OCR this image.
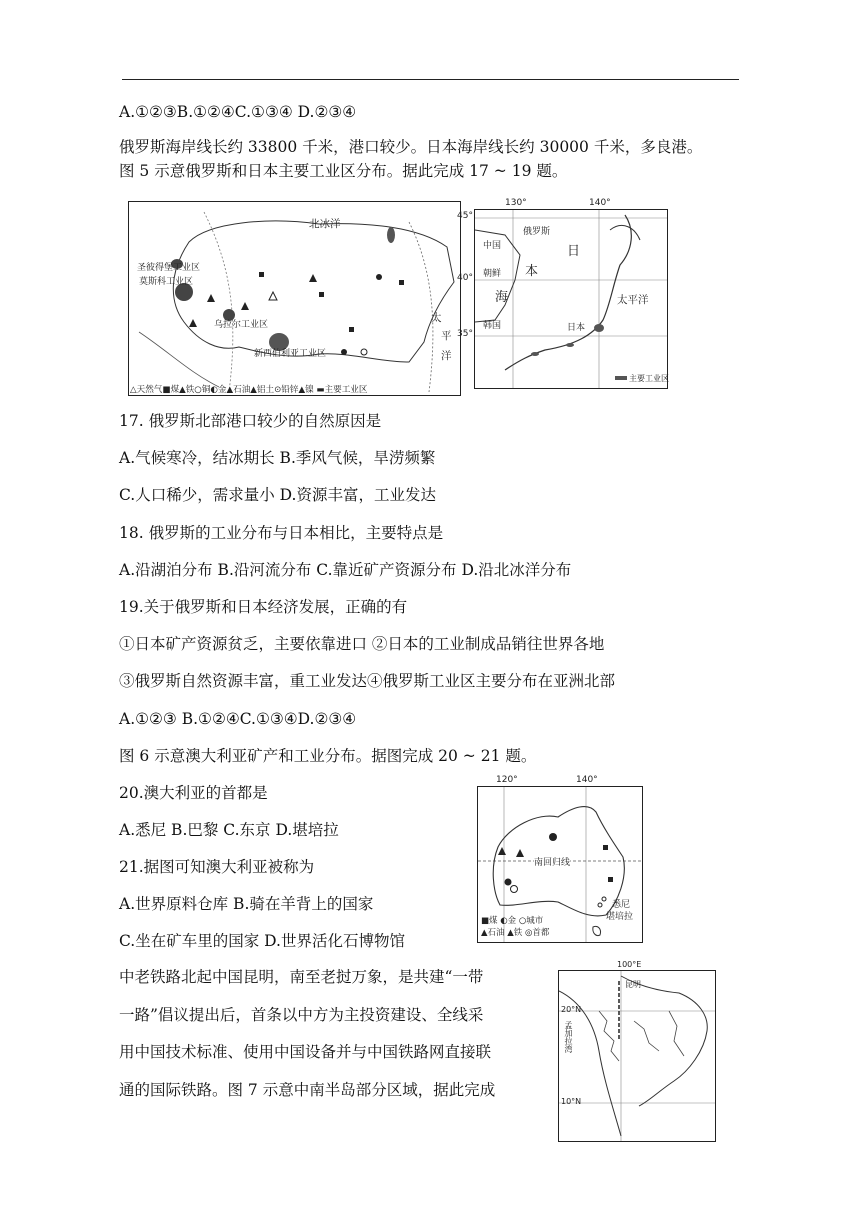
A.①②③B.①②④C.①③④ D.②③④
俄罗斯海岸线长约 33800 千米，港口较少。日本海岸线长约 30000 千米，多良港。
图 5 示意俄罗斯和日本主要工业区分布。据此完成 17 ~ 19 题。
北冰洋
圣彼得堡工业区
莫斯科工业区
乌拉尔工业区
新西伯利亚工业区
太
平
洋
△天然气■煤▲铁○铜◐金▲石油▲铝土⊙铅锌▲镍 ▬主要工业区
130°	140°
45°
40°
35°
中国
俄罗斯
朝鲜
韩国	日本
日
本
海	太平洋
主要工业区
17. 俄罗斯北部港口较少的自然原因是
A.气候寒冷，结冰期长 B.季风气候，旱涝频繁
C.人口稀少，需求量小 D.资源丰富，工业发达
18. 俄罗斯的工业分布与日本相比，主要特点是
A.沿湖泊分布 B.沿河流分布 C.靠近矿产资源分布 D.沿北冰洋分布
19.关于俄罗斯和日本经济发展，正确的有
①日本矿产资源贫乏，主要依靠进口 ②日本的工业制成品销往世界各地
③俄罗斯自然资源丰富，重工业发达④俄罗斯工业区主要分布在亚洲北部
A.①②③ B.①②④C.①③④D.②③④
图 6 示意澳大利亚矿产和工业分布。据图完成 20 ~ 21 题。
20.澳大利亚的首都是
A.悉尼 B.巴黎 C.东京 D.堪培拉
21.据图可知澳大利亚被称为
A.世界原料仓库 B.骑在羊背上的国家
C.坐在矿车里的国家 D.世界活化石博物馆
120°	140°
南回归线
悉尼
堪培拉
■煤 ◐金 ○城市
▲石油 ▲铁 ◎首都
中老铁路北起中国昆明，南至老挝万象，是共建“一带
一路”倡议提出后，首条以中方为主投资建设、全线采
用中国技术标准、使用中国设备并与中国铁路网直接联
通的国际铁路。图 7 示意中南半岛部分区域，据此完成
100°E
20°N
10°N
昆明
孟加拉湾
